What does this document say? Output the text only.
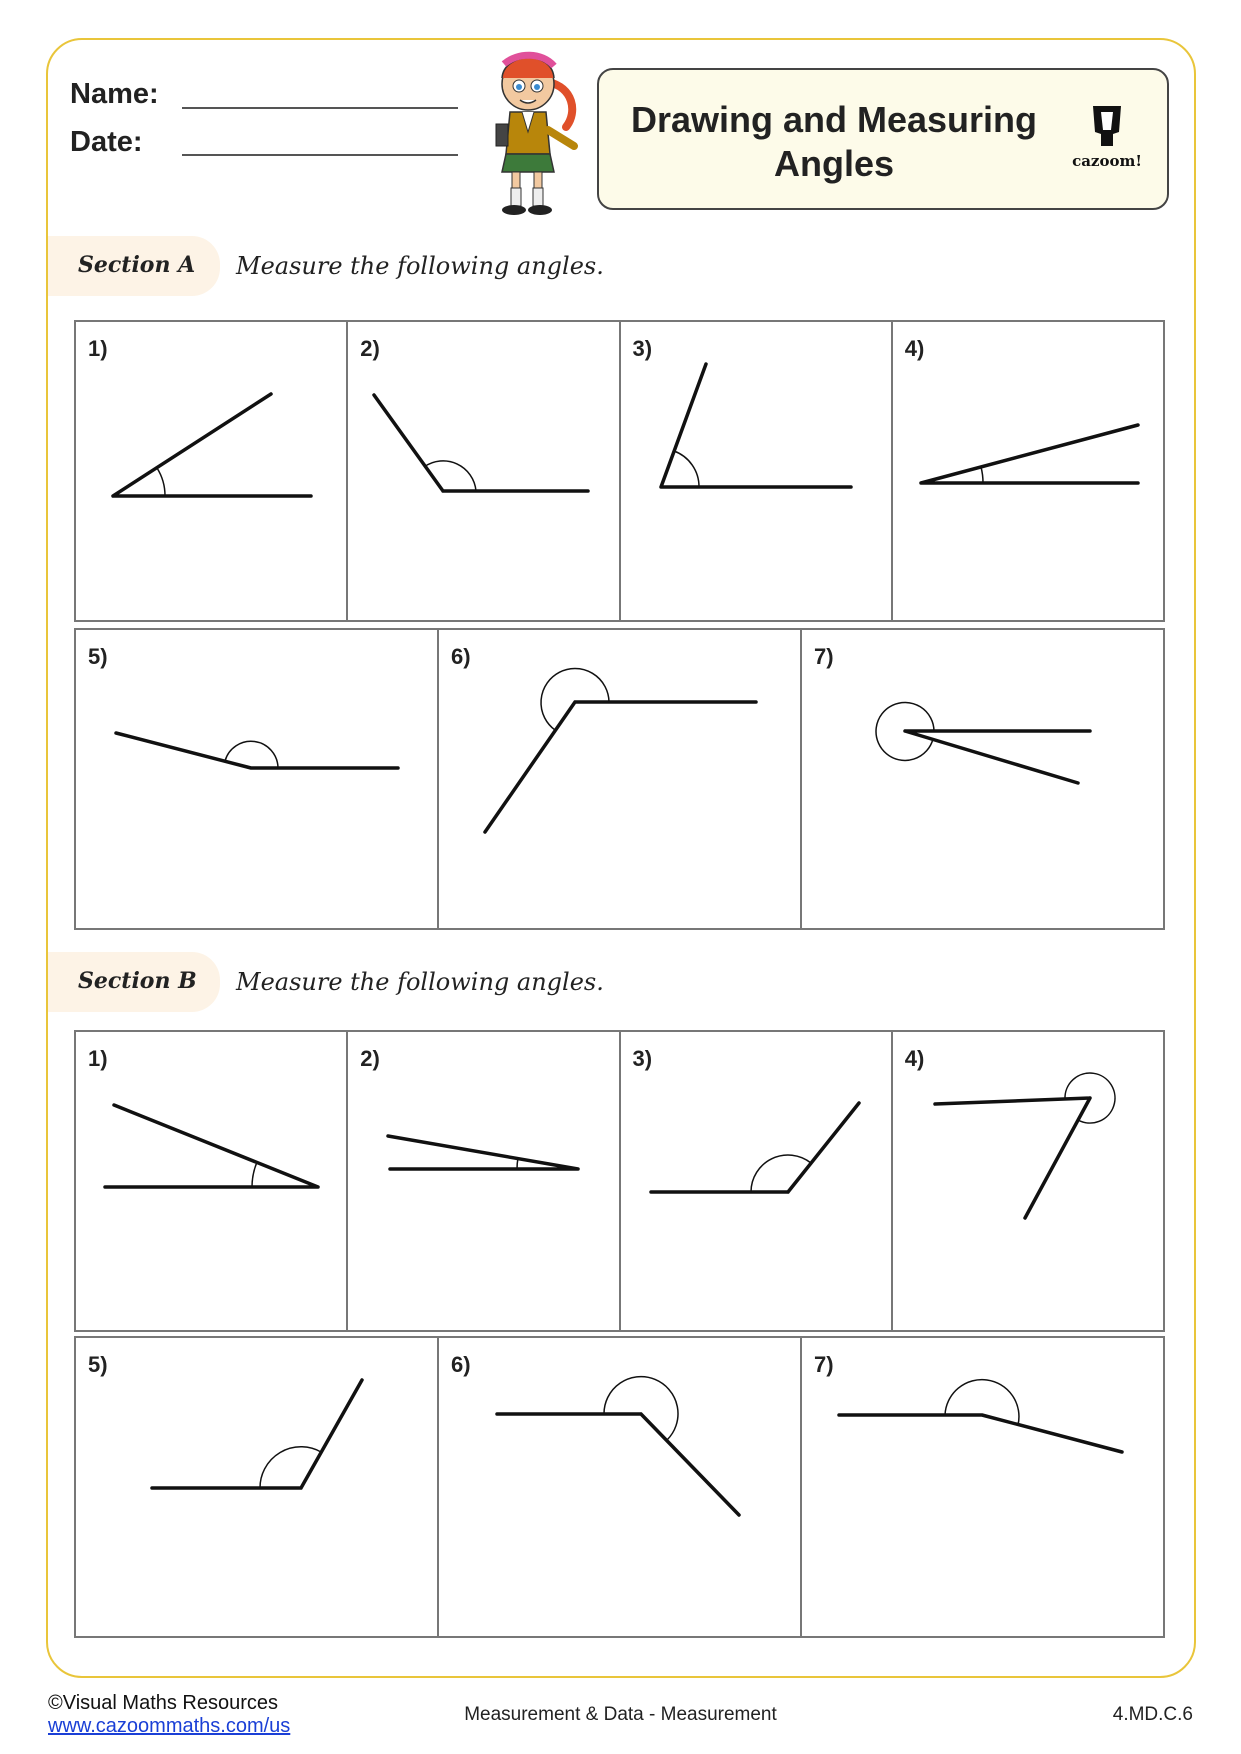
Name:
Date:
Drawing and Measuring Angles	cazoom!
Section A Measure the following angles.
1)	2)	3)	4)
5)	6)	7)
Section B Measure the following angles.
1)	2)	3)	4)
5)	6)	7)
©Visual Maths Resources
www.cazoommaths.com/us
Measurement & Data - Measurement	4.MD.C.6
